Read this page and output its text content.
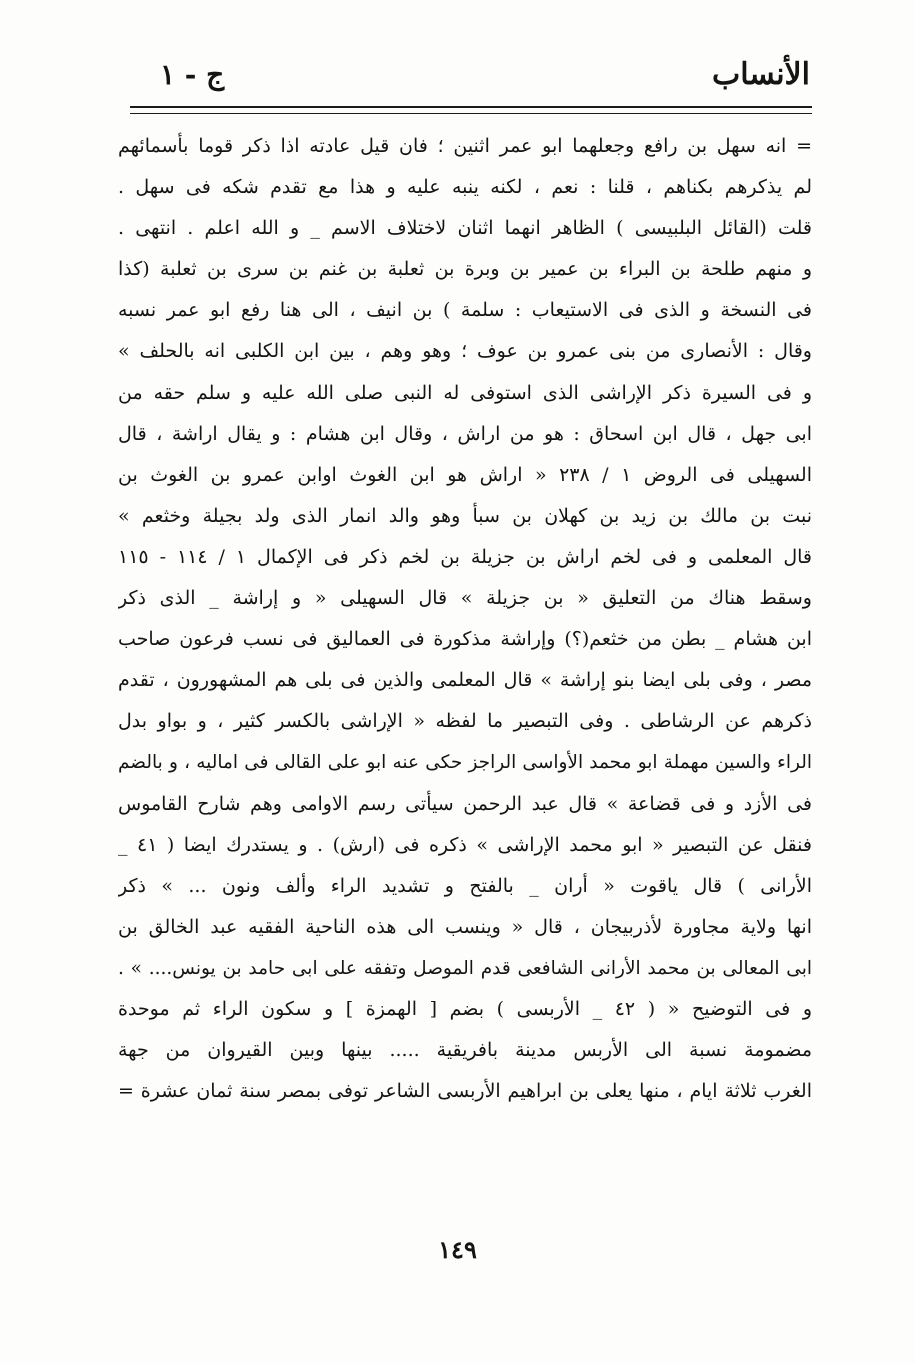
الأنساب
ج - ١
= انه سهل بن رافع وجعلهما ابو عمر اثنين ؛ فان قيل عادته اذا ذكر قوما بأسمائهم
لم يذكرهم بكناهم ، قلنا : نعم ، لكنه ينبه عليه و هذا مع تقدم شكه فى سهل .
قلت (القائل البلبيسى ) الظاهر انهما اثنان لاختلاف الاسم _ و الله اعلم . انتهى .
و منهم طلحة بن البراء بن عمير بن وبرة بن ثعلبة بن غنم بن سرى بن ثعلبة (كذا
فى النسخة و الذى فى الاستيعاب : سلمة ) بن انيف ، الى هنا رفع ابو عمر نسبه
وقال : الأنصارى من بنى عمرو بن عوف ؛ وهو وهم ، بين ابن الكلبى انه بالحلف »
و فى السيرة ذكر الإراشى الذى استوفى له النبى صلى الله عليه و سلم حقه من
ابى جهل ، قال ابن اسحاق : هو من اراش ، وقال ابن هشام : و يقال اراشة ، قال
السهيلى فى الروض ١ / ٢٣٨ « اراش هو ابن الغوث اوابن عمرو بن الغوث بن
نبت بن مالك بن زيد بن كهلان بن سبأ وهو والد انمار الذى ولد بجيلة وخثعم »
قال المعلمى و فى لخم اراش بن جزيلة بن لخم ذكر فى الإكمال ١ / ١١٤ - ١١٥
وسقط هناك من التعليق « بن جزيلة » قال السهيلى « و إراشة _ الذى ذكر
ابن هشام _ بطن من خثعم(؟) وإراشة مذكورة فى العماليق فى نسب فرعون صاحب
مصر ، وفى بلى ايضا بنو إراشة » قال المعلمى والذين فى بلى هم المشهورون ، تقدم
ذكرهم عن الرشاطى . وفى التبصير ما لفظه « الإراشى بالكسر كثير ، و بواو بدل
الراء والسين مهملة ابو محمد الأواسى الراجز حكى عنه ابو على القالى فى اماليه ، و بالضم
فى الأزد و فى قضاعة » قال عبد الرحمن سيأتى رسم الاوامى وهم شارح القاموس
فنقل عن التبصير « ابو محمد الإراشى » ذكره فى (ارش) . و يستدرك ايضا ( ٤١ _
الأرانى ) قال ياقوت « أران _ بالفتح و تشديد الراء وألف ونون ... » ذكر
انها ولاية مجاورة لأذربيجان ، قال « وينسب الى هذه الناحية الفقيه عبد الخالق بن
ابى المعالى بن محمد الأرانى الشافعى قدم الموصل وتفقه على ابى حامد بن يونس.... » .
و فى التوضيح « ( ٤٢ _ الأربسى ) بضم [ الهمزة ] و سكون الراء ثم موحدة
مضمومة نسبة الى الأربس مدينة بافريقية ..... بينها وبين القيروان من جهة
الغرب ثلاثة ايام ، منها يعلى بن ابراهيم الأربسى الشاعر توفى بمصر سنة ثمان عشرة =
١٤٩
